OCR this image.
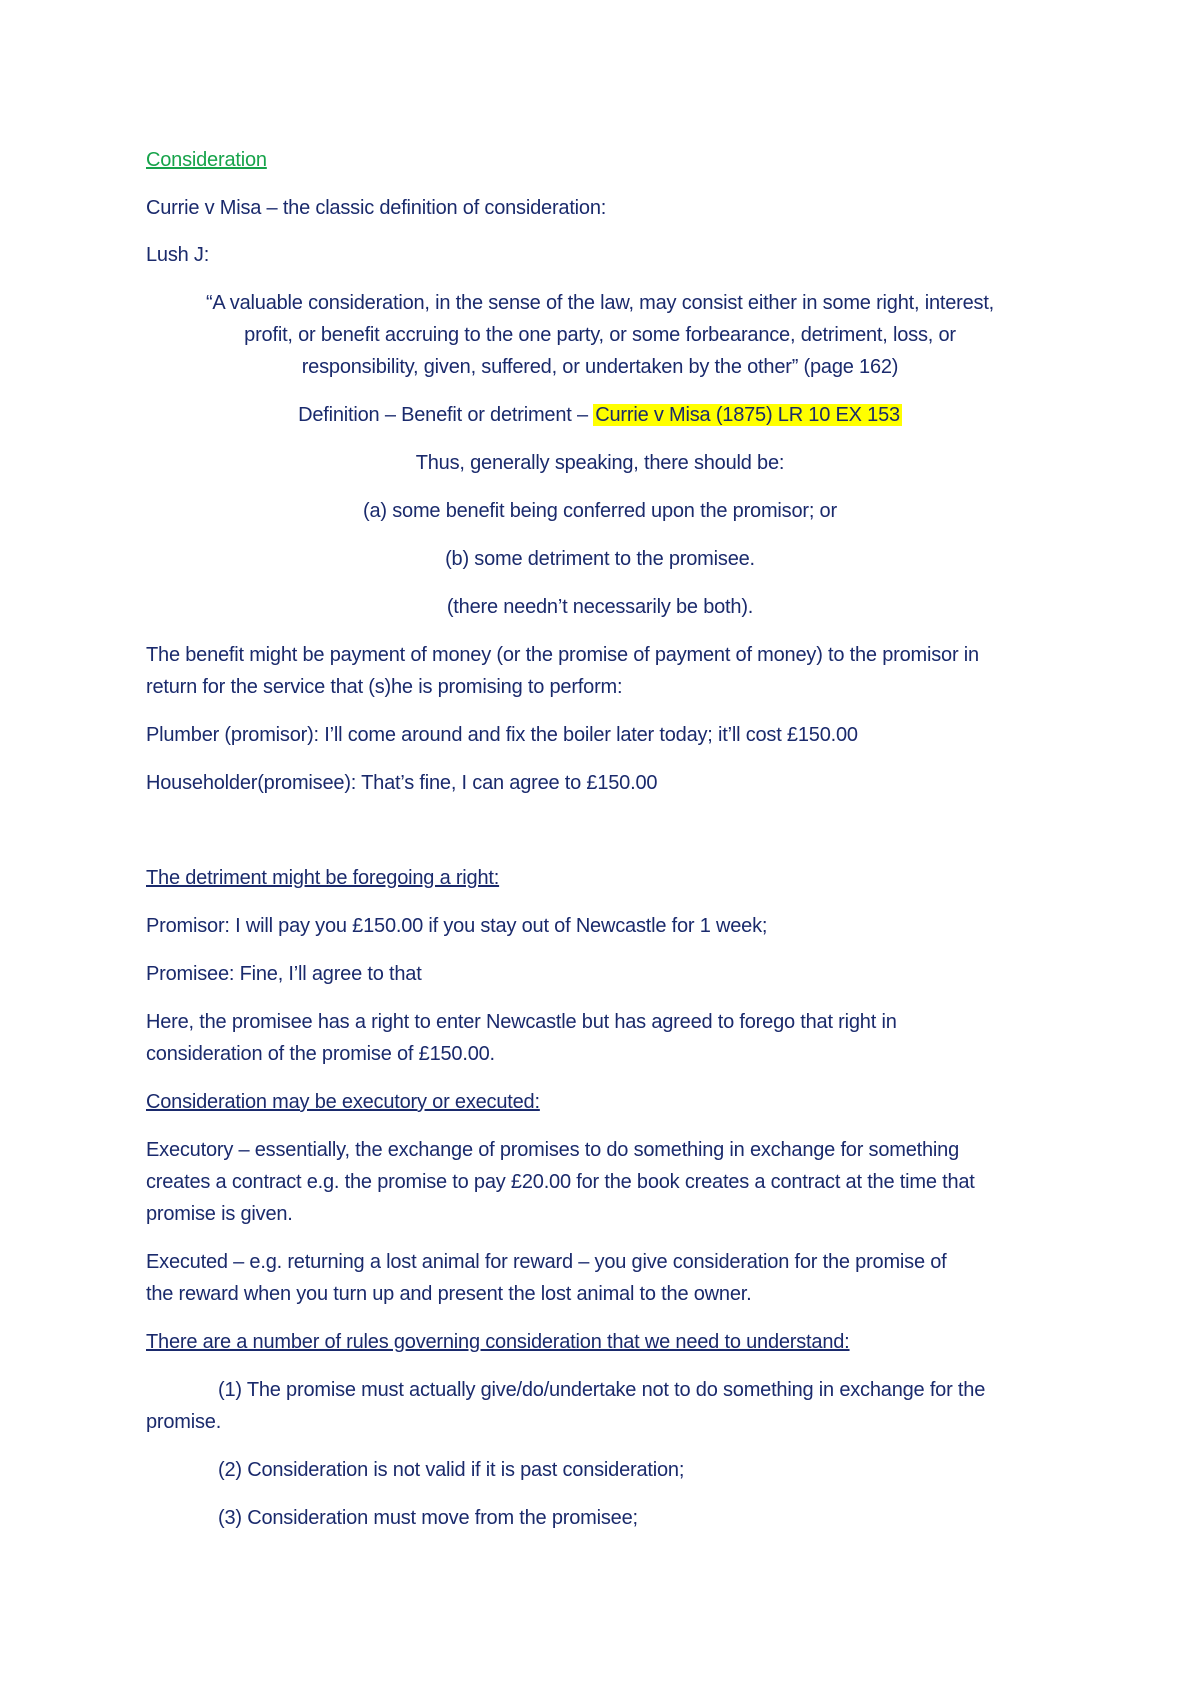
Consideration
Currie v Misa – the classic definition of consideration:
Lush J:
“A valuable consideration, in the sense of the law, may consist either in some right, interest,
profit, or benefit accruing to the one party, or some forbearance, detriment, loss, or
responsibility, given, suffered, or undertaken by the other” (page 162)
Definition – Benefit or detriment – Currie v Misa (1875) LR 10 EX 153
Thus, generally speaking, there should be:
(a) some benefit being conferred upon the promisor; or
(b) some detriment to the promisee.
(there needn’t necessarily be both).
The benefit might be payment of money (or the promise of payment of money) to the promisor in
return for the service that (s)he is promising to perform:
Plumber (promisor): I’ll come around and fix the boiler later today; it’ll cost £150.00
Householder(promisee): That’s fine, I can agree to £150.00
The detriment might be foregoing a right:
Promisor: I will pay you £150.00 if you stay out of Newcastle for 1 week;
Promisee: Fine, I’ll agree to that
Here, the promisee has a right to enter Newcastle but has agreed to forego that right in
consideration of the promise of £150.00.
Consideration may be executory or executed:
Executory – essentially, the exchange of promises to do something in exchange for something
creates a contract e.g. the promise to pay £20.00 for the book creates a contract at the time that
promise is given.
Executed – e.g. returning a lost animal for reward – you give consideration for the promise of
the reward when you turn up and present the lost animal to the owner.
There are a number of rules governing consideration that we need to understand:
(1) The promise must actually give/do/undertake not to do something in exchange for the
promise.
(2) Consideration is not valid if it is past consideration;
(3) Consideration must move from the promisee;
